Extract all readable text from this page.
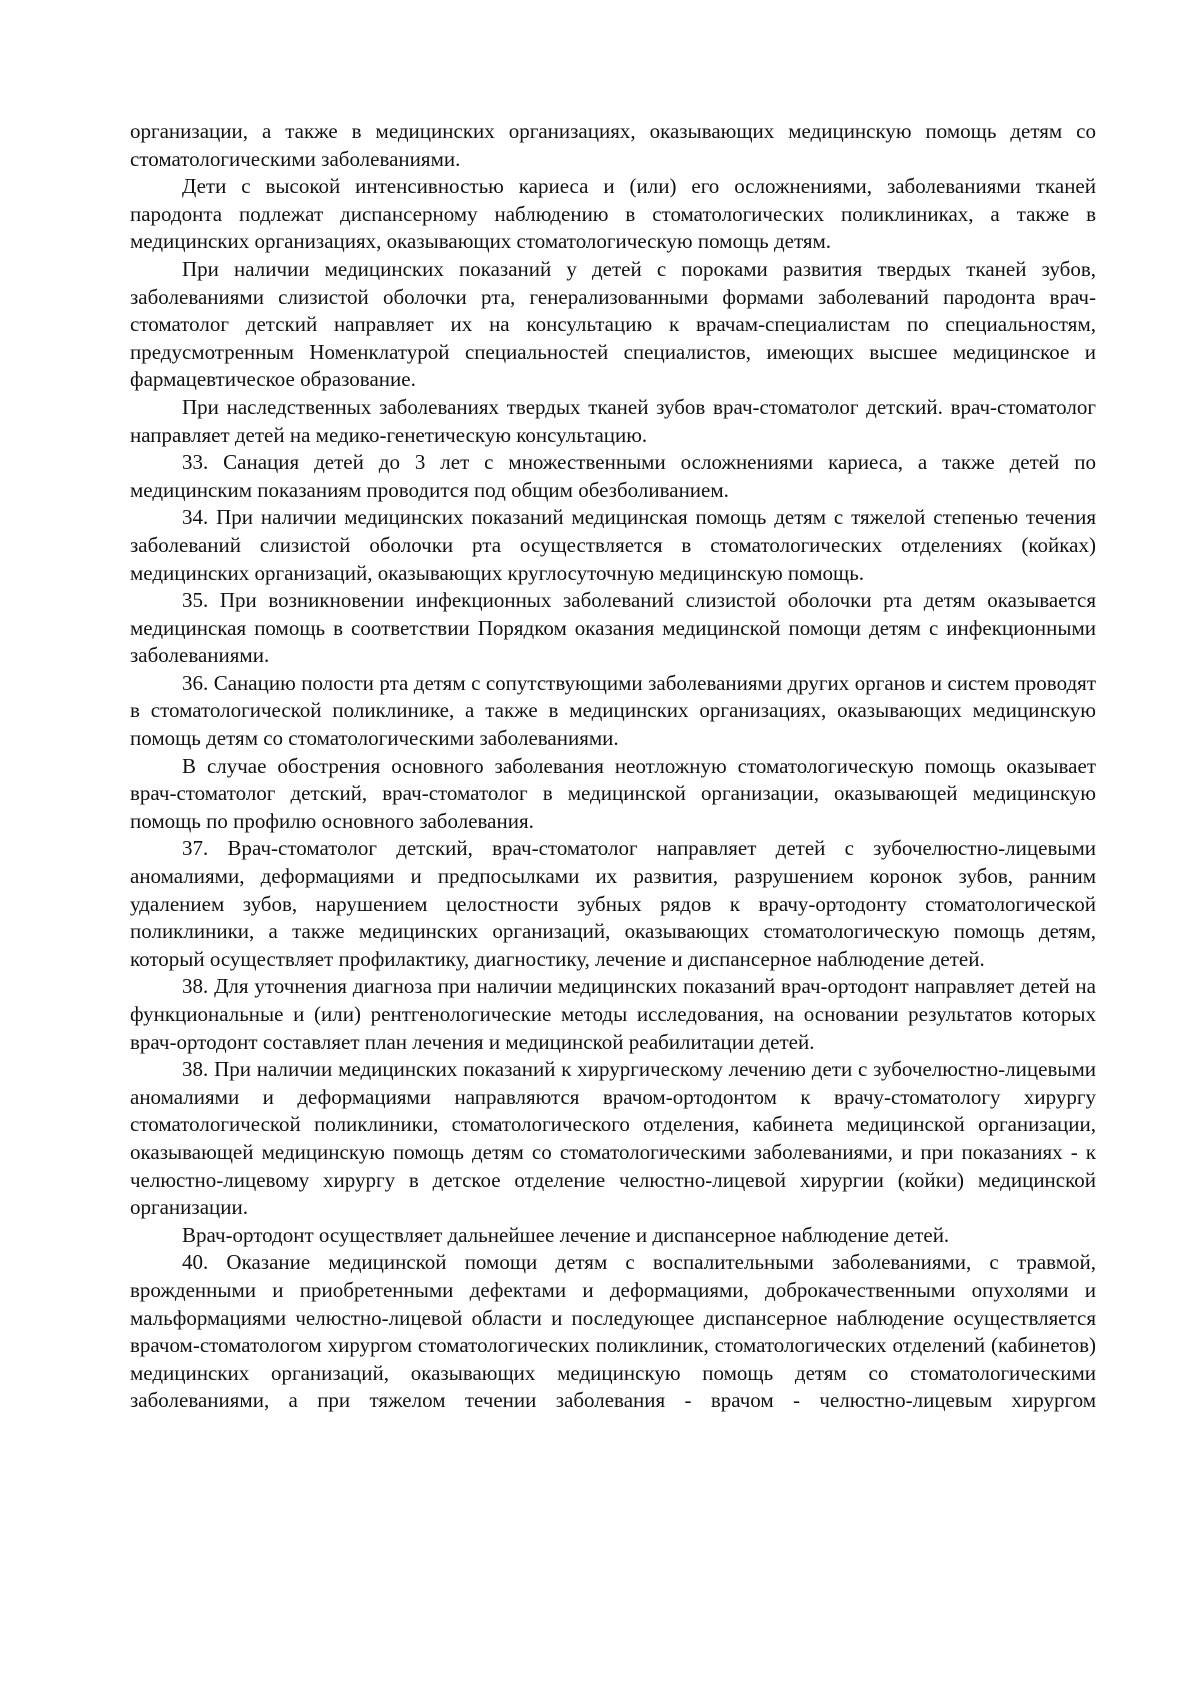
организации, а также в медицинских организациях, оказывающих медицинскую помощь детям со стоматологическими заболеваниями.

Дети с высокой интенсивностью кариеса и (или) его осложнениями, заболеваниями тканей пародонта подлежат диспансерному наблюдению в стоматологических поликлиниках, а также в медицинских организациях, оказывающих стоматологическую помощь детям.

При наличии медицинских показаний у детей с пороками развития твердых тканей зубов, заболеваниями слизистой оболочки рта, генерализованными формами заболеваний пародонта врач-стоматолог детский направляет их на консультацию к врачам-специалистам по специальностям, предусмотренным Номенклатурой специальностей специалистов, имеющих высшее медицинское и фармацевтическое образование.

При наследственных заболеваниях твердых тканей зубов врач-стоматолог детский. врач-стоматолог направляет детей на медико-генетическую консультацию.

33. Санация детей до 3 лет с множественными осложнениями кариеса, а также детей по медицинским показаниям проводится под общим обезболиванием.

34. При наличии медицинских показаний медицинская помощь детям с тяжелой степенью течения заболеваний слизистой оболочки рта осуществляется в стоматологических отделениях (койках) медицинских организаций, оказывающих круглосуточную медицинскую помощь.

35. При возникновении инфекционных заболеваний слизистой оболочки рта детям оказывается медицинская помощь в соответствии Порядком оказания медицинской помощи детям с инфекционными заболеваниями.

36. Санацию полости рта детям с сопутствующими заболеваниями других органов и систем проводят в стоматологической поликлинике, а также в медицинских организациях, оказывающих медицинскую помощь детям со стоматологическими заболеваниями.

В случае обострения основного заболевания неотложную стоматологическую помощь оказывает врач-стоматолог детский, врач-стоматолог в медицинской организации, оказывающей медицинскую помощь по профилю основного заболевания.

37. Врач-стоматолог детский, врач-стоматолог направляет детей с зубочелюстно-лицевыми аномалиями, деформациями и предпосылками их развития, разрушением коронок зубов, ранним удалением зубов, нарушением целостности зубных рядов к врачу-ортодонту стоматологической поликлиники, а также медицинских организаций, оказывающих стоматологическую помощь детям, который осуществляет профилактику, диагностику, лечение и диспансерное наблюдение детей.

38. Для уточнения диагноза при наличии медицинских показаний врач-ортодонт направляет детей на функциональные и (или) рентгенологические методы исследования, на основании результатов которых врач-ортодонт составляет план лечения и медицинской реабилитации детей.

38. При наличии медицинских показаний к хирургическому лечению дети с зубочелюстно-лицевыми аномалиями и деформациями направляются врачом-ортодонтом к врачу-стоматологу хирургу стоматологической поликлиники, стоматологического отделения, кабинета медицинской организации, оказывающей медицинскую помощь детям со стоматологическими заболеваниями, и при показаниях - к челюстно-лицевому хирургу в детское отделение челюстно-лицевой хирургии (койки) медицинской организации.

Врач-ортодонт осуществляет дальнейшее лечение и диспансерное наблюдение детей.

40. Оказание медицинской помощи детям с воспалительными заболеваниями, с травмой, врожденными и приобретенными дефектами и деформациями, доброкачественными опухолями и мальформациями челюстно-лицевой области и последующее диспансерное наблюдение осуществляется врачом-стоматологом хирургом стоматологических поликлиник, стоматологических отделений (кабинетов) медицинских организаций, оказывающих медицинскую помощь детям со стоматологическими заболеваниями, а при тяжелом течении заболевания - врачом - челюстно-лицевым хирургом
